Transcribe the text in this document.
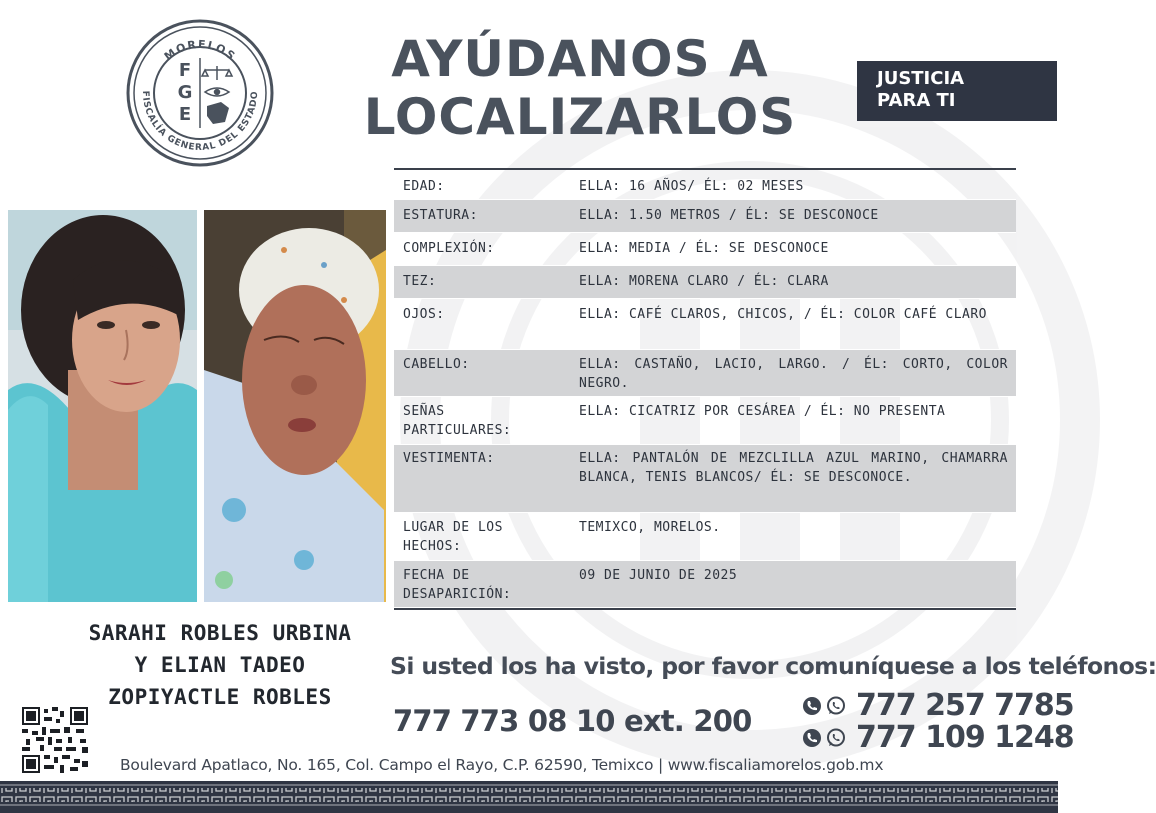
MORELOS
FISCALÍA GENERAL DEL ESTADO
F
G
E
AYÚDANOS A
LOCALIZARLOS
JUSTICIA
PARA TI
EDAD:	ELLA: 16 AÑOS/ ÉL: 02 MESES
ESTATURA:	ELLA: 1.50 METROS / ÉL: SE DESCONOCE
COMPLEXIÓN:	ELLA: MEDIA / ÉL: SE DESCONOCE
TEZ:	ELLA: MORENA CLARO / ÉL: CLARA
OJOS:	ELLA: CAFÉ CLAROS, CHICOS, / ÉL: COLOR CAFÉ CLARO
CABELLO:	ELLA: CASTAÑO, LACIO, LARGO. / ÉL: CORTO, COLOR NEGRO.
SEÑAS PARTICULARES:
ELLA: CICATRIZ POR CESÁREA / ÉL: NO PRESENTA
VESTIMENTA:	ELLA: PANTALÓN DE MEZCLILLA AZUL MARINO, CHAMARRA BLANCA, TENIS BLANCOS/ ÉL: SE DESCONOCE.
LUGAR DE LOS HECHOS:
TEMIXCO, MORELOS.
FECHA DE DESAPARICIÓN:
09 DE JUNIO DE 2025
SARAHI ROBLES URBINA
Y ELIAN TADEO
ZOPIYACTLE ROBLES
Si usted los ha visto, por favor comuníquese a los teléfonos:
777 773 08 10 ext. 200	777 257 7785
777 109 1248
Boulevard Apatlaco, No. 165, Col. Campo el Rayo, C.P. 62590, Temixco | www.fiscaliamorelos.gob.mx
